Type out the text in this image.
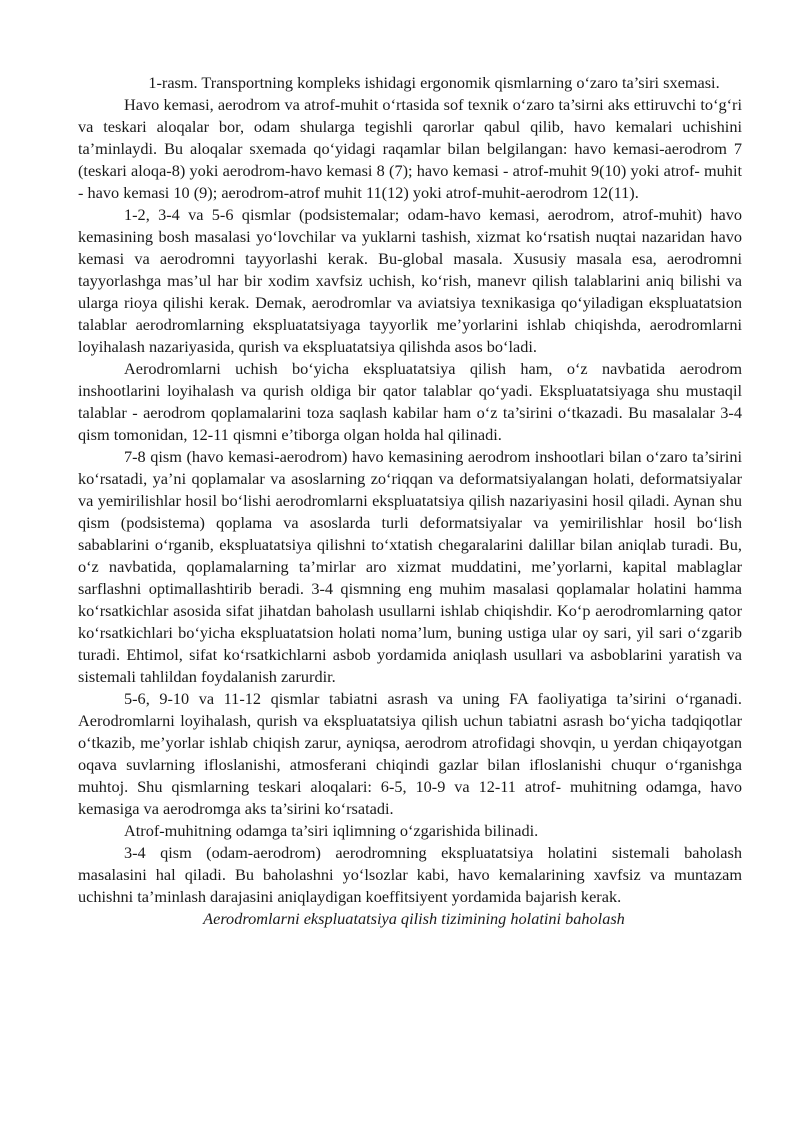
1-rasm. Transportning kompleks ishidagi ergonomik qismlarning o‘zaro ta’siri sxemasi.

Havo kemasi, aerodrom va atrof-muhit o‘rtasida sof texnik o‘zaro ta’sirni aks ettiruvchi to‘g‘ri va teskari aloqalar bor, odam shularga tegishli qarorlar qabul qilib, havo kemalari uchishini ta’minlaydi. Bu aloqalar sxemada qo‘yidagi raqamlar bilan belgilangan: havo kemasi-aerodrom 7 (teskari aloqa-8) yoki aerodrom-havo kemasi 8 (7); havo kemasi - atrof-muhit 9(10) yoki atrof- muhit - havo kemasi 10 (9); aerodrom-atrof muhit 11(12) yoki atrof-muhit-aerodrom 12(11).

1-2, 3-4 va 5-6 qismlar (podsistemalar; odam-havo kemasi, aerodrom, atrof-muhit) havo kemasining bosh masalasi yo‘lovchilar va yuklarni tashish, xizmat ko‘rsatish nuqtai nazaridan havo kemasi va aerodromni tayyorlashi kerak. Bu-global masala. Xususiy masala esa, aerodromni tayyorlashga mas’ul har bir xodim xavfsiz uchish, ko‘rish, manevr qilish talablarini aniq bilishi va ularga rioya qilishi kerak. Demak, aerodromlar va aviatsiya texnikasiga qo‘yiladigan ekspluatatsion talablar aerodromlarning ekspluatatsiyaga tayyorlik me’yorlarini ishlab chiqishda, aerodromlarni loyihalash nazariyasida, qurish va ekspluatatsiya qilishda asos bo‘ladi.

Aerodromlarni uchish bo‘yicha ekspluatatsiya qilish ham, o‘z navbatida aerodrom inshootlarini loyihalash va qurish oldiga bir qator talablar qo‘yadi. Ekspluatatsiyaga shu mustaqil talablar - aerodrom qoplamalarini toza saqlash kabilar ham o‘z ta’sirini o‘tkazadi. Bu masalalar 3-4 qism tomonidan, 12-11 qismni e’tiborga olgan holda hal qilinadi.

7-8 qism (havo kemasi-aerodrom) havo kemasining aerodrom inshootlari bilan o‘zaro ta’sirini ko‘rsatadi, ya’ni qoplamalar va asoslarning zo‘riqqan va deformatsiyalangan holati, deformatsiyalar va yemirilishlar hosil bo‘lishi aerodromlarni ekspluatatsiya qilish nazariyasini hosil qiladi. Aynan shu qism (podsistema) qoplama va asoslarda turli deformatsiyalar va yemirilishlar hosil bo‘lish sabablarini o‘rganib, ekspluatatsiya qilishni to‘xtatish chegaralarini dalillar bilan aniqlab turadi. Bu, o‘z navbatida, qoplamalarning ta’mirlar aro xizmat muddatini, me’yorlarni, kapital mablaglar sarflashni optimallashtirib beradi. 3-4 qismning eng muhim masalasi qoplamalar holatini hamma ko‘rsatkichlar asosida sifat jihatdan baholash usullarni ishlab chiqishdir. Ko‘p aerodromlarning qator ko‘rsatkichlari bo‘yicha ekspluatatsion holati noma’lum, buning ustiga ular oy sari, yil sari o‘zgarib turadi. Ehtimol, sifat ko‘rsatkichlarni asbob yordamida aniqlash usullari va asboblarini yaratish va sistemali tahlildan foydalanish zarurdir.

5-6, 9-10 va 11-12 qismlar tabiatni asrash va uning FA faoliyatiga ta’sirini o‘rganadi. Aerodromlarni loyihalash, qurish va ekspluatatsiya qilish uchun tabiatni asrash bo‘yicha tadqiqotlar o‘tkazib, me’yorlar ishlab chiqish zarur, ayniqsa, aerodrom atrofidagi shovqin, u yerdan chiqayotgan oqava suvlarning ifloslanishi, atmosferani chiqindi gazlar bilan ifloslanishi chuqur o‘rganishga muhtoj. Shu qismlarning teskari aloqalari: 6-5, 10-9 va 12-11 atrof- muhitning odamga, havo kemasiga va aerodromga aks ta’sirini ko‘rsatadi.

Atrof-muhitning odamga ta’siri iqlimning o‘zgarishida bilinadi.

3-4 qism (odam-aerodrom) aerodromning ekspluatatsiya holatini sistemali baholash masalasini hal qiladi. Bu baholashni yo‘lsozlar kabi, havo kemalarining xavfsiz va muntazam uchishni ta’minlash darajasini aniqlaydigan koeffitsiyent yordamida bajarish kerak.

Aerodromlarni ekspluatatsiya qilish tizimining holatini baholash
